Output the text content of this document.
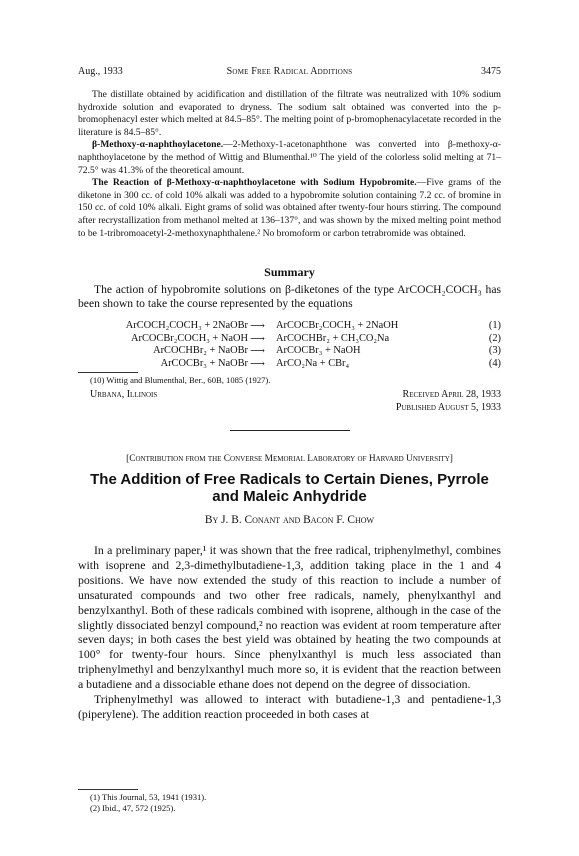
Aug., 1933	Some Free Radical Additions	3475

The distillate obtained by acidification and distillation of the filtrate was neutralized with 10% sodium hydroxide solution and evaporated to dryness. The sodium salt obtained was converted into the p-bromophenacyl ester which melted at 84.5–85°. The melting point of p-bromophenacylacetate recorded in the literature is 84.5–85°.

β-Methoxy-α-naphthoylacetone.—2-Methoxy-1-acetonaphthone was converted into β-methoxy-α-naphthoylacetone by the method of Wittig and Blumenthal.¹⁰ The yield of the colorless solid melting at 71–72.5° was 41.3% of the theoretical amount.

The Reaction of β-Methoxy-α-naphthoylacetone with Sodium Hypobromite.—Five grams of the diketone in 300 cc. of cold 10% alkali was added to a hypobromite solution containing 7.2 cc. of bromine in 150 cc. of cold 10% alkali. Eight grams of solid was obtained after twenty-four hours stirring. The compound after recrystallization from methanol melted at 136–137°, and was shown by the mixed melting point method to be 1-tribromoacetyl-2-methoxynaphthalene.² No bromoform or carbon tetrabromide was obtained.

Summary

The action of hypobromite solutions on β-diketones of the type ArCOCH₂COCH₃ has been shown to take the course represented by the equations

ArCOCH₂COCH₃ + 2NaOBr ⟶ ArCOCBr₂COCH₃ + 2NaOH	(1)
ArCOCBr₂COCH₃ + NaOH ⟶ ArCOCHBr₂ + CH₃CO₂Na	(2)
ArCOCHBr₂ + NaOBr ⟶ ArCOCBr₃ + NaOH	(3)
ArCOCBr₃ + NaOBr ⟶ ArCO₂Na + CBr₄	(4)
(10) Wittig and Blumenthal, Ber., 60B, 1085 (1927).
Urbana, Illinois	Received April 28, 1933
Published August 5, 1933
[Contribution from the Converse Memorial Laboratory of Harvard University]
The Addition of Free Radicals to Certain Dienes, Pyrrole
and Maleic Anhydride
By J. B. Conant and Bacon F. Chow

In a preliminary paper,¹ it was shown that the free radical, triphenylmethyl, combines with isoprene and 2,3-dimethylbutadiene-1,3, addition taking place in the 1 and 4 positions. We have now extended the study of this reaction to include a number of unsaturated compounds and two other free radicals, namely, phenylxanthyl and benzylxanthyl. Both of these radicals combined with isoprene, although in the case of the slightly dissociated benzyl compound,² no reaction was evident at room temperature after seven days; in both cases the best yield was obtained by heating the two compounds at 100° for twenty-four hours. Since phenylxanthyl is much less associated than triphenylmethyl and benzylxanthyl much more so, it is evident that the reaction between a butadiene and a dissociable ethane does not depend on the degree of dissociation.

Triphenylmethyl was allowed to interact with butadiene-1,3 and pentadiene-1,3 (piperylene). The addition reaction proceeded in both cases at

(1) This Journal, 53, 1941 (1931).
(2) Ibid., 47, 572 (1925).
